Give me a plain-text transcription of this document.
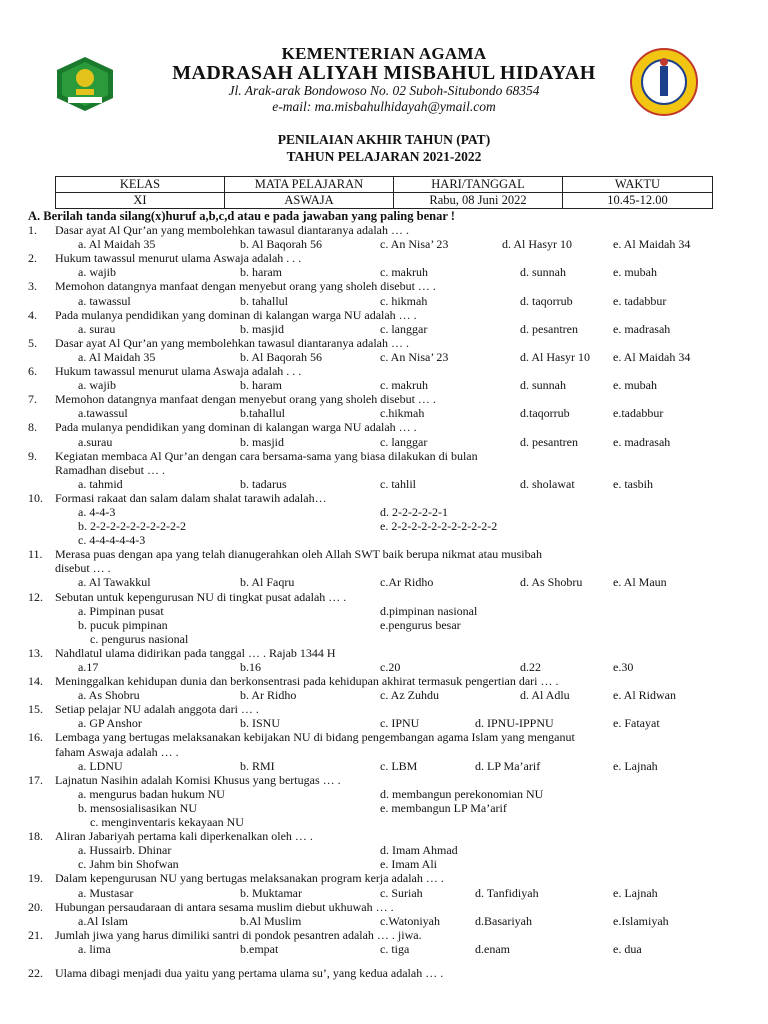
KEMENTERIAN AGAMA
MADRASAH ALIYAH MISBAHUL HIDAYAH
Jl. Arak-arak Bondowoso No. 02 Suboh-Situbondo 68354
e-mail: ma.misbahulhidayah@ymail.com
PENILAIAN AKHIR TAHUN (PAT)
TAHUN PELAJARAN 2021-2022
KELAS	MATA PELAJARAN	HARI/TANGGAL	WAKTU
XI	ASWAJA	Rabu, 08 Juni 2022	10.45-12.00
A. Berilah tanda silang(x)huruf a,b,c,d atau e pada jawaban yang paling benar !
1. Dasar ayat Al Qur’an yang membolehkan tawasul diantaranya adalah … .
a. Al Maidah 35	b. Al Baqorah 56	c. An Nisa’ 23	d. Al Hasyr 10	e. Al Maidah 34
2. Hukum tawassul menurut ulama Aswaja adalah . . .
a. wajib	b. haram	c. makruh	d. sunnah	e. mubah
3. Memohon datangnya manfaat dengan menyebut orang yang sholeh disebut … .
a. tawassul	b. tahallul	c. hikmah	d. taqorrub	e. tadabbur
4. Pada mulanya pendidikan yang dominan di kalangan warga NU adalah … .
a. surau	b. masjid	c. langgar	d. pesantren	e. madrasah
5. Dasar ayat Al Qur’an yang membolehkan tawasul diantaranya adalah … .
a. Al Maidah 35	b. Al Baqorah 56	c. An Nisa’ 23	d. Al Hasyr 10 e. Al Maidah 34
6. Hukum tawassul menurut ulama Aswaja adalah . . .
a. wajib	b. haram	c. makruh	d. sunnah	e. mubah
7. Memohon datangnya manfaat dengan menyebut orang yang sholeh disebut … .
a.tawassul	b.tahallul	c.hikmah	d.taqorrub	e.tadabbur
8. Pada mulanya pendidikan yang dominan di kalangan warga NU adalah … .
a.surau	b. masjid	c. langgar	d. pesantren	e. madrasah
9. Kegiatan membaca Al Qur’an dengan cara bersama-sama yang biasa dilakukan di bulan
Ramadhan disebut … .
a. tahmid	b. tadarus	c. tahlil	d. sholawat	e. tasbih
10. Formasi rakaat dan salam dalam shalat tarawih adalah…
a. 4-4-3	d. 2-2-2-2-2-1
b. 2-2-2-2-2-2-2-2-2-2	e. 2-2-2-2-2-2-2-2-2-2-2
c. 4-4-4-4-4-3
11. Merasa puas dengan apa yang telah dianugerahkan oleh Allah SWT baik berupa nikmat atau musibah
disebut … .
a. Al Tawakkul	b. Al Faqru	c.Ar Ridho	d. As Shobru	e. Al Maun
12. Sebutan untuk kepengurusan NU di tingkat pusat adalah … .
a. Pimpinan pusat	d.pimpinan nasional
b. pucuk pimpinan	e.pengurus besar
c. pengurus nasional
13. Nahdlatul ulama didirikan pada tanggal … . Rajab 1344 H
a.17	b.16	c.20	d.22	e.30
14. Meninggalkan kehidupan dunia dan berkonsentrasi pada kehidupan akhirat termasuk pengertian dari … .
a. As Shobru	b. Ar Ridho	c. Az Zuhdu	d. Al Adlu	e. Al Ridwan
15. Setiap pelajar NU adalah anggota dari … .
a. GP Anshor	b. ISNU	c. IPNU	d. IPNU-IPPNU	e. Fatayat
16. Lembaga yang bertugas melaksanakan kebijakan NU di bidang pengembangan agama Islam yang menganut
faham Aswaja adalah … .
a. LDNU	b. RMI	c. LBM	d. LP Ma’arif	e. Lajnah
17. Lajnatun Nasihin adalah Komisi Khusus yang bertugas … .
a. mengurus badan hukum NU	d. membangun perekonomian NU
b. mensosialisasikan NU	e. membangun LP Ma’arif
c. menginventaris kekayaan NU
18. Aliran Jabariyah pertama kali diperkenalkan oleh … .
a. Hussairb. Dhinar	d. Imam Ahmad
c. Jahm bin Shofwan	e. Imam Ali
19. Dalam kepengurusan NU yang bertugas melaksanakan program kerja adalah … .
a. Mustasar	b. Muktamar	c. Suriah	d. Tanfidiyah	e. Lajnah
20. Hubungan persaudaraan di antara sesama muslim diebut ukhuwah … .
a.Al Islam	b.Al Muslim	c.Watoniyah	d.Basariyah	e.Islamiyah
21. Jumlah jiwa yang harus dimiliki santri di pondok pesantren adalah … . jiwa.
a. lima	b.empat	c. tiga	d.enam	e. dua
22. Ulama dibagi menjadi dua yaitu yang pertama ulama su’, yang kedua adalah … .
